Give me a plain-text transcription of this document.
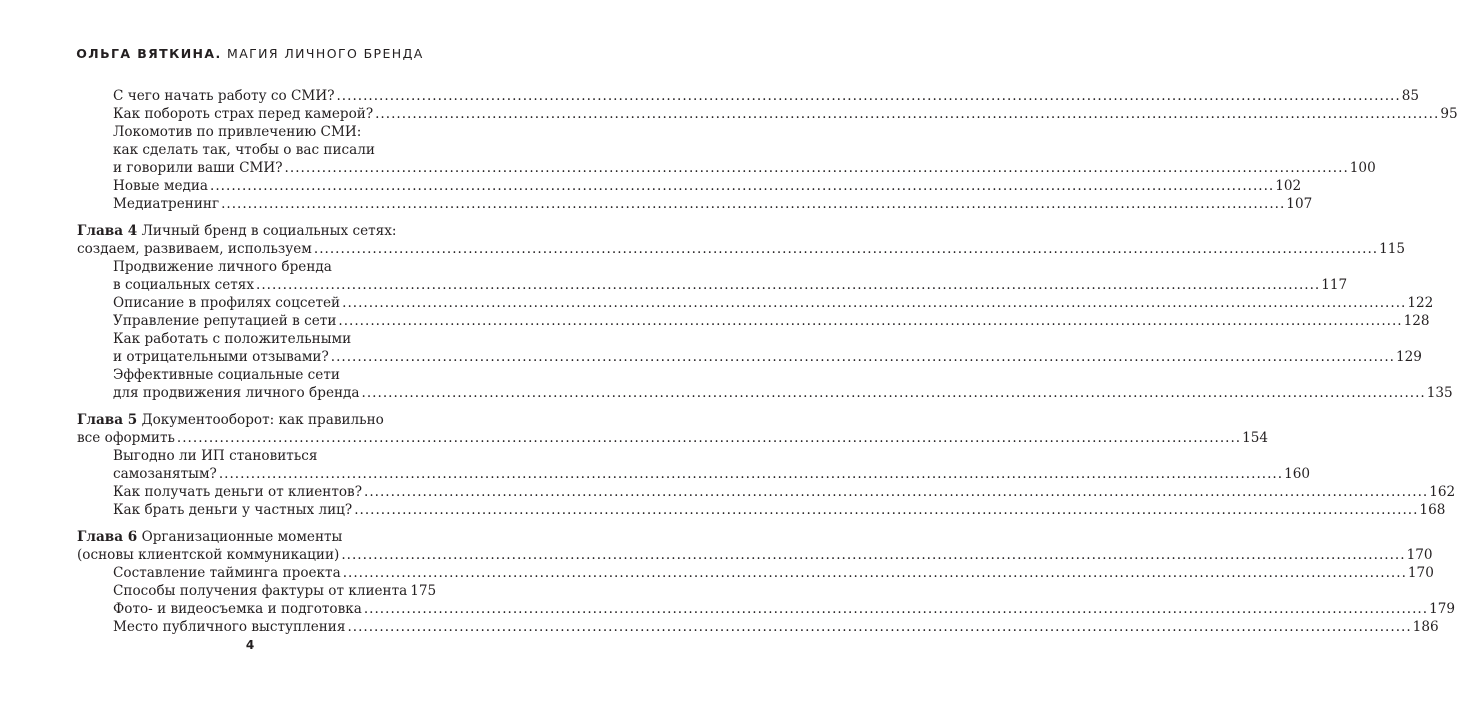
ОЛЬГА ВЯТКИНА. МАГИЯ ЛИЧНОГО БРЕНДА
С чего начать работу со СМИ? ........................................................................................................................................................................................................ 85
Как побороть страх перед камерой? ........................................................................................................................................................................................................ 95
Локомотив по привлечению СМИ:
как сделать так, чтобы о вас писали
и говорили ваши СМИ? ........................................................................................................................................................................................................ 100
Новые медиа ........................................................................................................................................................................................................ 102
Медиатренинг ........................................................................................................................................................................................................ 107
Глава 4 Личный бренд в социальных сетях:
создаем, развиваем, используем ........................................................................................................................................................................................................ 115
Продвижение личного бренда
в социальных сетях ........................................................................................................................................................................................................ 117
Описание в профилях соцсетей ........................................................................................................................................................................................................ 122
Управление репутацией в сети ........................................................................................................................................................................................................ 128
Как работать с положительными
и отрицательными отзывами? ........................................................................................................................................................................................................ 129
Эффективные социальные сети
для продвижения личного бренда ........................................................................................................................................................................................................ 135
Глава 5 Документооборот: как правильно
все оформить ........................................................................................................................................................................................................ 154
Выгодно ли ИП становиться
самозанятым? ........................................................................................................................................................................................................ 160
Как получать деньги от клиентов? ........................................................................................................................................................................................................ 162
Как брать деньги у частных лиц? ........................................................................................................................................................................................................ 168
Глава 6 Организационные моменты
(основы клиентской коммуникации) ........................................................................................................................................................................................................ 170
Составление тайминга проекта ........................................................................................................................................................................................................ 170
Способы получения фактуры от клиента 175
Фото- и видеосъемка и подготовка ........................................................................................................................................................................................................ 179
Место публичного выступления ........................................................................................................................................................................................................ 186
4
